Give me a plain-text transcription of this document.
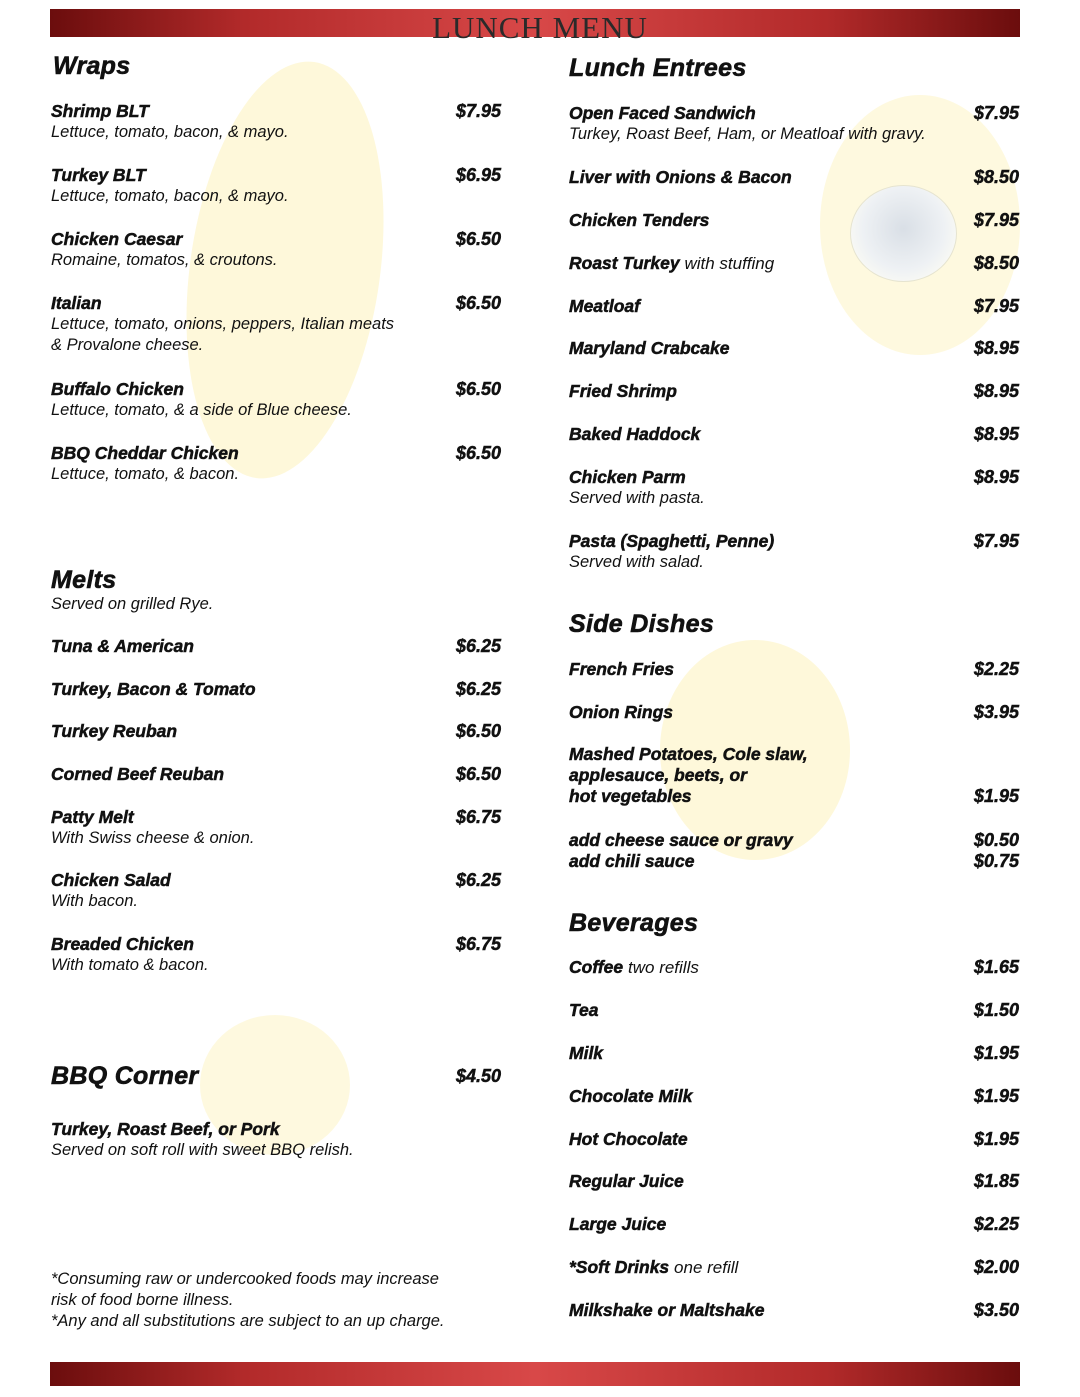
LUNCH MENU
Wraps
Shrimp BLT	$7.95
Lettuce, tomato, bacon, & mayo.
Turkey BLT	$6.95
Lettuce, tomato, bacon, & mayo.
Chicken Caesar	$6.50
Romaine, tomatos, & croutons.
Italian	$6.50
Lettuce, tomato, onions, peppers, Italian meats
& Provalone cheese.
Buffalo Chicken	$6.50
Lettuce, tomato, & a side of Blue cheese.
BBQ Cheddar Chicken	$6.50
Lettuce, tomato, & bacon.
Melts
Served on grilled Rye.
Tuna & American	$6.25
Turkey, Bacon & Tomato	$6.25
Turkey Reuban	$6.50
Corned Beef Reuban	$6.50
Patty Melt	$6.75
With Swiss cheese & onion.
Chicken Salad	$6.25
With bacon.
Breaded Chicken	$6.75
With tomato & bacon.
BBQ Corner	$4.50
Turkey, Roast Beef, or Pork
Served on soft roll with sweet BBQ relish.
*Consuming raw or undercooked foods may increase
risk of food borne illness.
*Any and all substitutions are subject to an up charge.
Lunch Entrees
Open Faced Sandwich	$7.95
Turkey, Roast Beef, Ham, or Meatloaf with gravy.
Liver with Onions & Bacon	$8.50
Chicken Tenders	$7.95
Roast Turkey with stuffing	$8.50
Meatloaf	$7.95
Maryland Crabcake	$8.95
Fried Shrimp	$8.95
Baked Haddock	$8.95
Chicken Parm	$8.95
Served with pasta.
Pasta (Spaghetti, Penne)	$7.95
Served with salad.
Side Dishes
French Fries	$2.25
Onion Rings	$3.95
Mashed Potatoes, Cole slaw,
applesauce, beets, or
hot vegetables	$1.95
add cheese sauce or gravy	$0.50
add chili sauce	$0.75
Beverages
Coffee two refills	$1.65
Tea	$1.50
Milk	$1.95
Chocolate Milk	$1.95
Hot Chocolate	$1.95
Regular Juice	$1.85
Large Juice	$2.25
*Soft Drinks one refill	$2.00
Milkshake or Maltshake	$3.50
